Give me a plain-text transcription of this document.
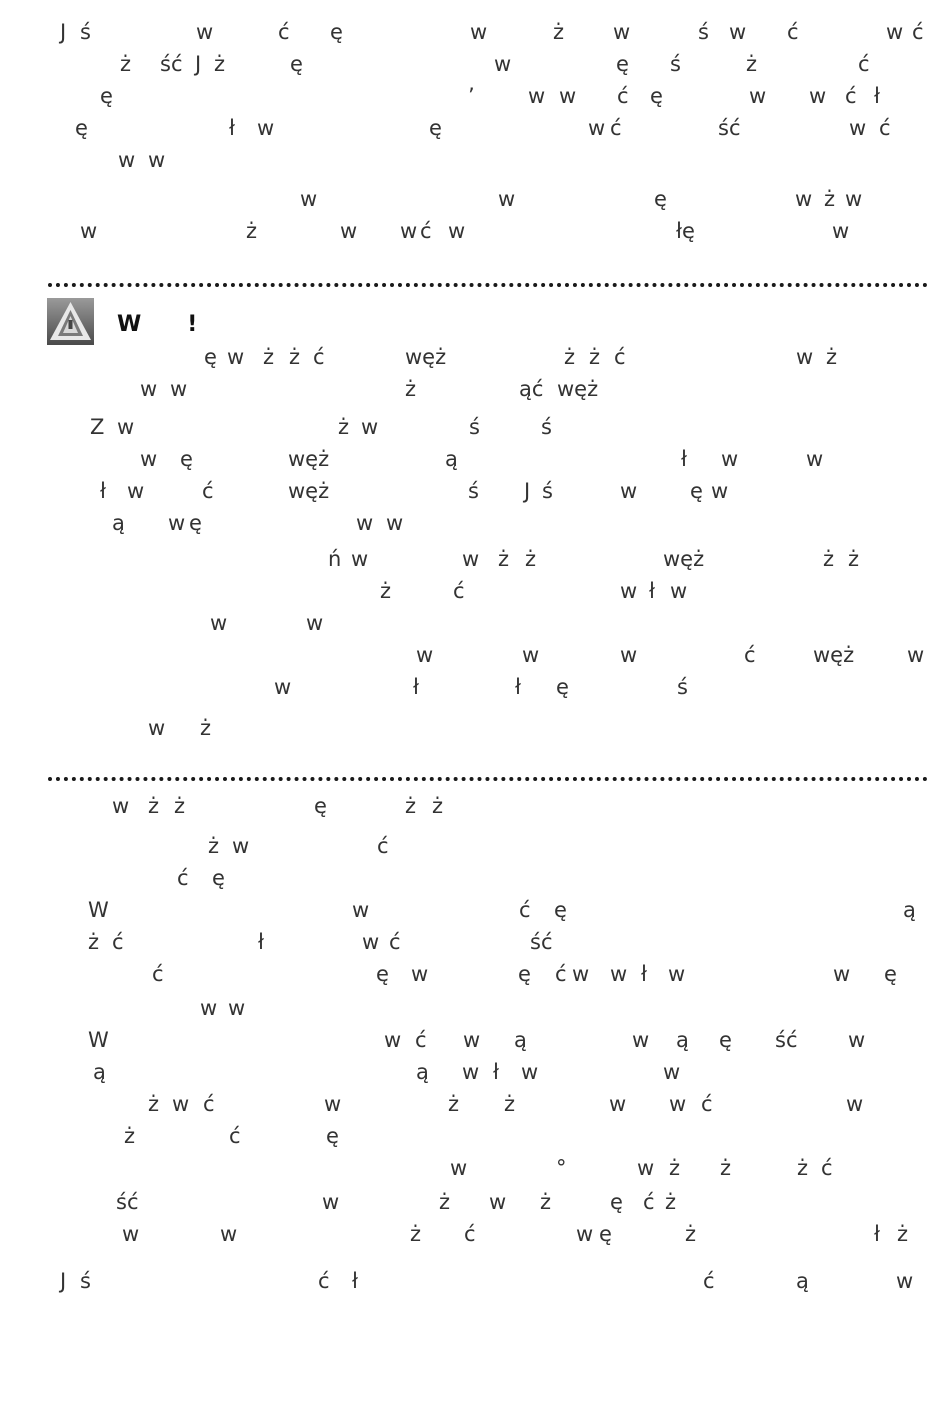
J ś	w	ć ę	w	ż w	ś w ć	w ć
ż ść J ż	ę	w	ę ś	ż	ć
ę	’	w w ć ę	w w ć ł
ę	ł w	ę	w ć	ść	w ć
w w
w	w	ę	w ż w
w	ż	w w ć w	łę	w
W      !
ę w ż ż ć	węż	ż ż ć	w ż
w w	ż	ąć węż
Z w	ż w	ś	ś
w ę	węż	ą	ł w	w
ł w	ć	węż	ś J ś	w	ę w
ą w ę	w w
ń w	w ż ż	węż	ż ż
ż	ć	w ł w
w	w
w	w	w	ć	węż	w
w	ł	ł ę	ś
w ż
w ż ż	ę	ż ż
ż w	ć
ć ę
W	w	ć ę	ą
ż ć	ł	w ć	ść
ć	ę w	ę ć w w ł w	w ę
w w
W	w ć w ą	w ą ę ść w
ą	ą w ł w	w
ż w ć	w	ż ż	w w ć	w
ż	ć	ę
w	°	w ż ż	ż ć
ść	w	ż w ż	ę ć ż
w	w	ż ć	w ę	ż	ł ż
J ś	ć ł	ć	ą	w
